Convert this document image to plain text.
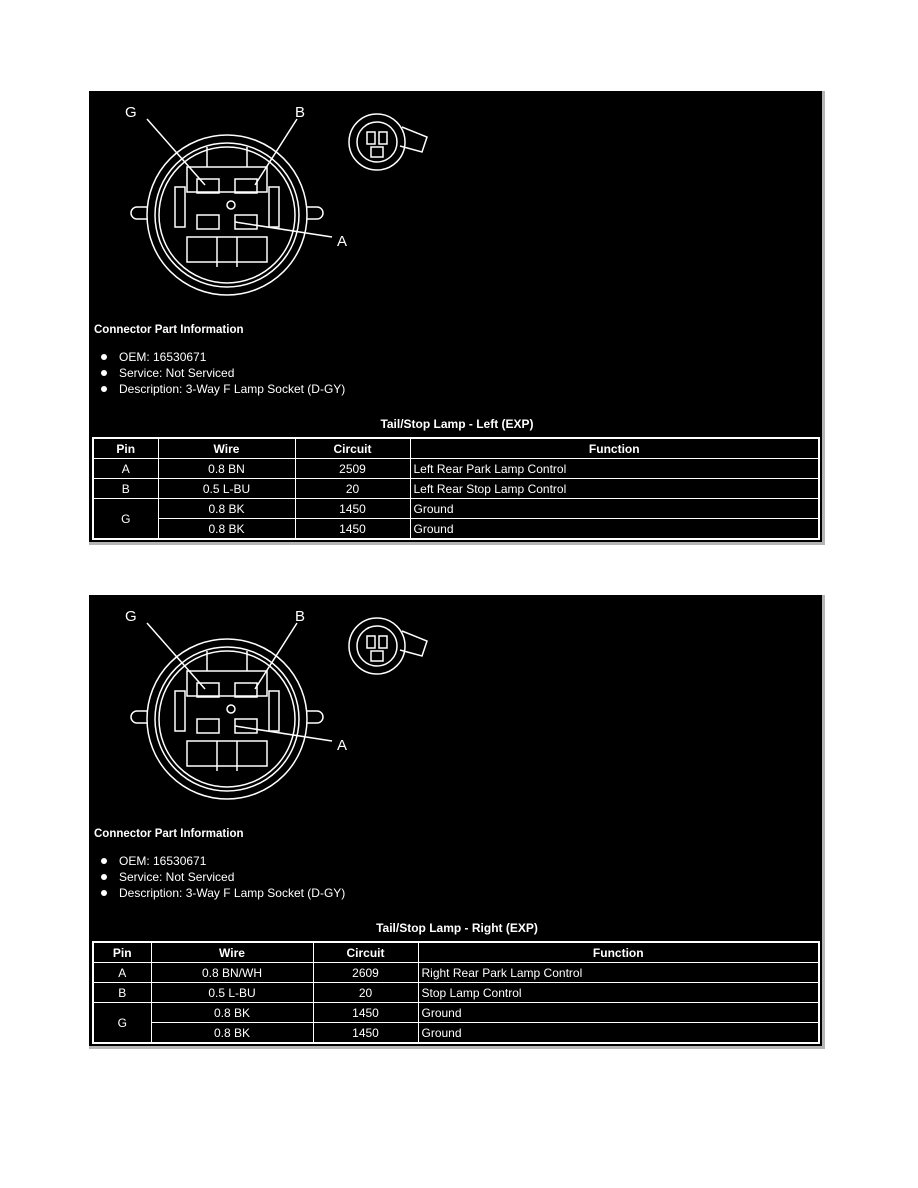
G	B
A
Connector Part Information
OEM: 16530671
Service: Not Serviced
Description: 3-Way F Lamp Socket (D-GY)
Tail/Stop Lamp - Left (EXP)
Pin	Wire	Circuit	Function
A	0.8 BN	2509	Left Rear Park Lamp Control
B	0.5 L-BU	20	Left Rear Stop Lamp Control
G	0.8 BK	1450	Ground
	0.8 BK	1450	Ground
G	B
A
Connector Part Information
OEM: 16530671
Service: Not Serviced
Description: 3-Way F Lamp Socket (D-GY)
Tail/Stop Lamp - Right (EXP)
Pin	Wire	Circuit	Function
A	0.8 BN/WH	2609	Right Rear Park Lamp Control
B	0.5 L-BU	20	Stop Lamp Control
G	0.8 BK	1450	Ground
	0.8 BK	1450	Ground
